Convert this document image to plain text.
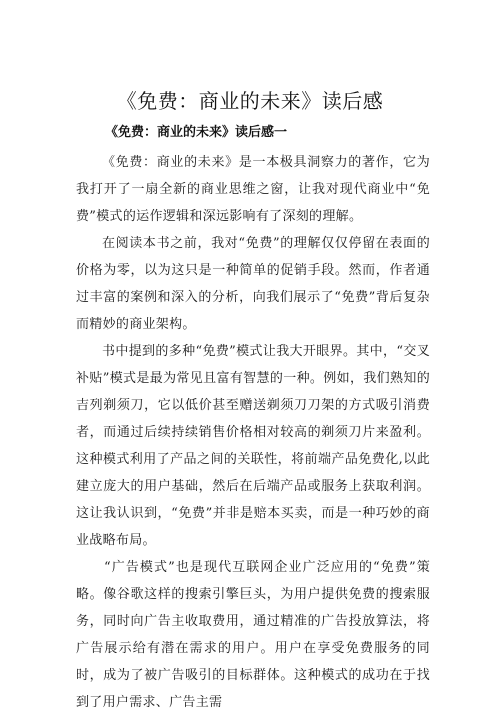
《免费：商业的未来》读后感

《免费：商业的未来》读后感一

《免费：商业的未来》是一本极具洞察力的著作，它为我打开了一扇全新的商业思维之窗，让我对现代商业中“免费”模式的运作逻辑和深远影响有了深刻的理解。

在阅读本书之前，我对“免费”的理解仅仅停留在表面的价格为零，以为这只是一种简单的促销手段。然而，作者通过丰富的案例和深入的分析，向我们展示了“免费”背后复杂而精妙的商业架构。

书中提到的多种“免费”模式让我大开眼界。其中，“交叉补贴”模式是最为常见且富有智慧的一种。例如，我们熟知的吉列剃须刀，它以低价甚至赠送剃须刀刀架的方式吸引消费者，而通过后续持续销售价格相对较高的剃须刀片来盈利。这种模式利用了产品之间的关联性，将前端产品免费化,以此建立庞大的用户基础，然后在后端产品或服务上获取利润。这让我认识到，“免费”并非是赔本买卖，而是一种巧妙的商业战略布局。

“广告模式”也是现代互联网企业广泛应用的“免费”策略。像谷歌这样的搜索引擎巨头，为用户提供免费的搜索服务，同时向广告主收取费用，通过精准的广告投放算法，将广告展示给有潜在需求的用户。用户在享受免费服务的同时，成为了被广告吸引的目标群体。这种模式的成功在于找到了用户需求、广告主需
